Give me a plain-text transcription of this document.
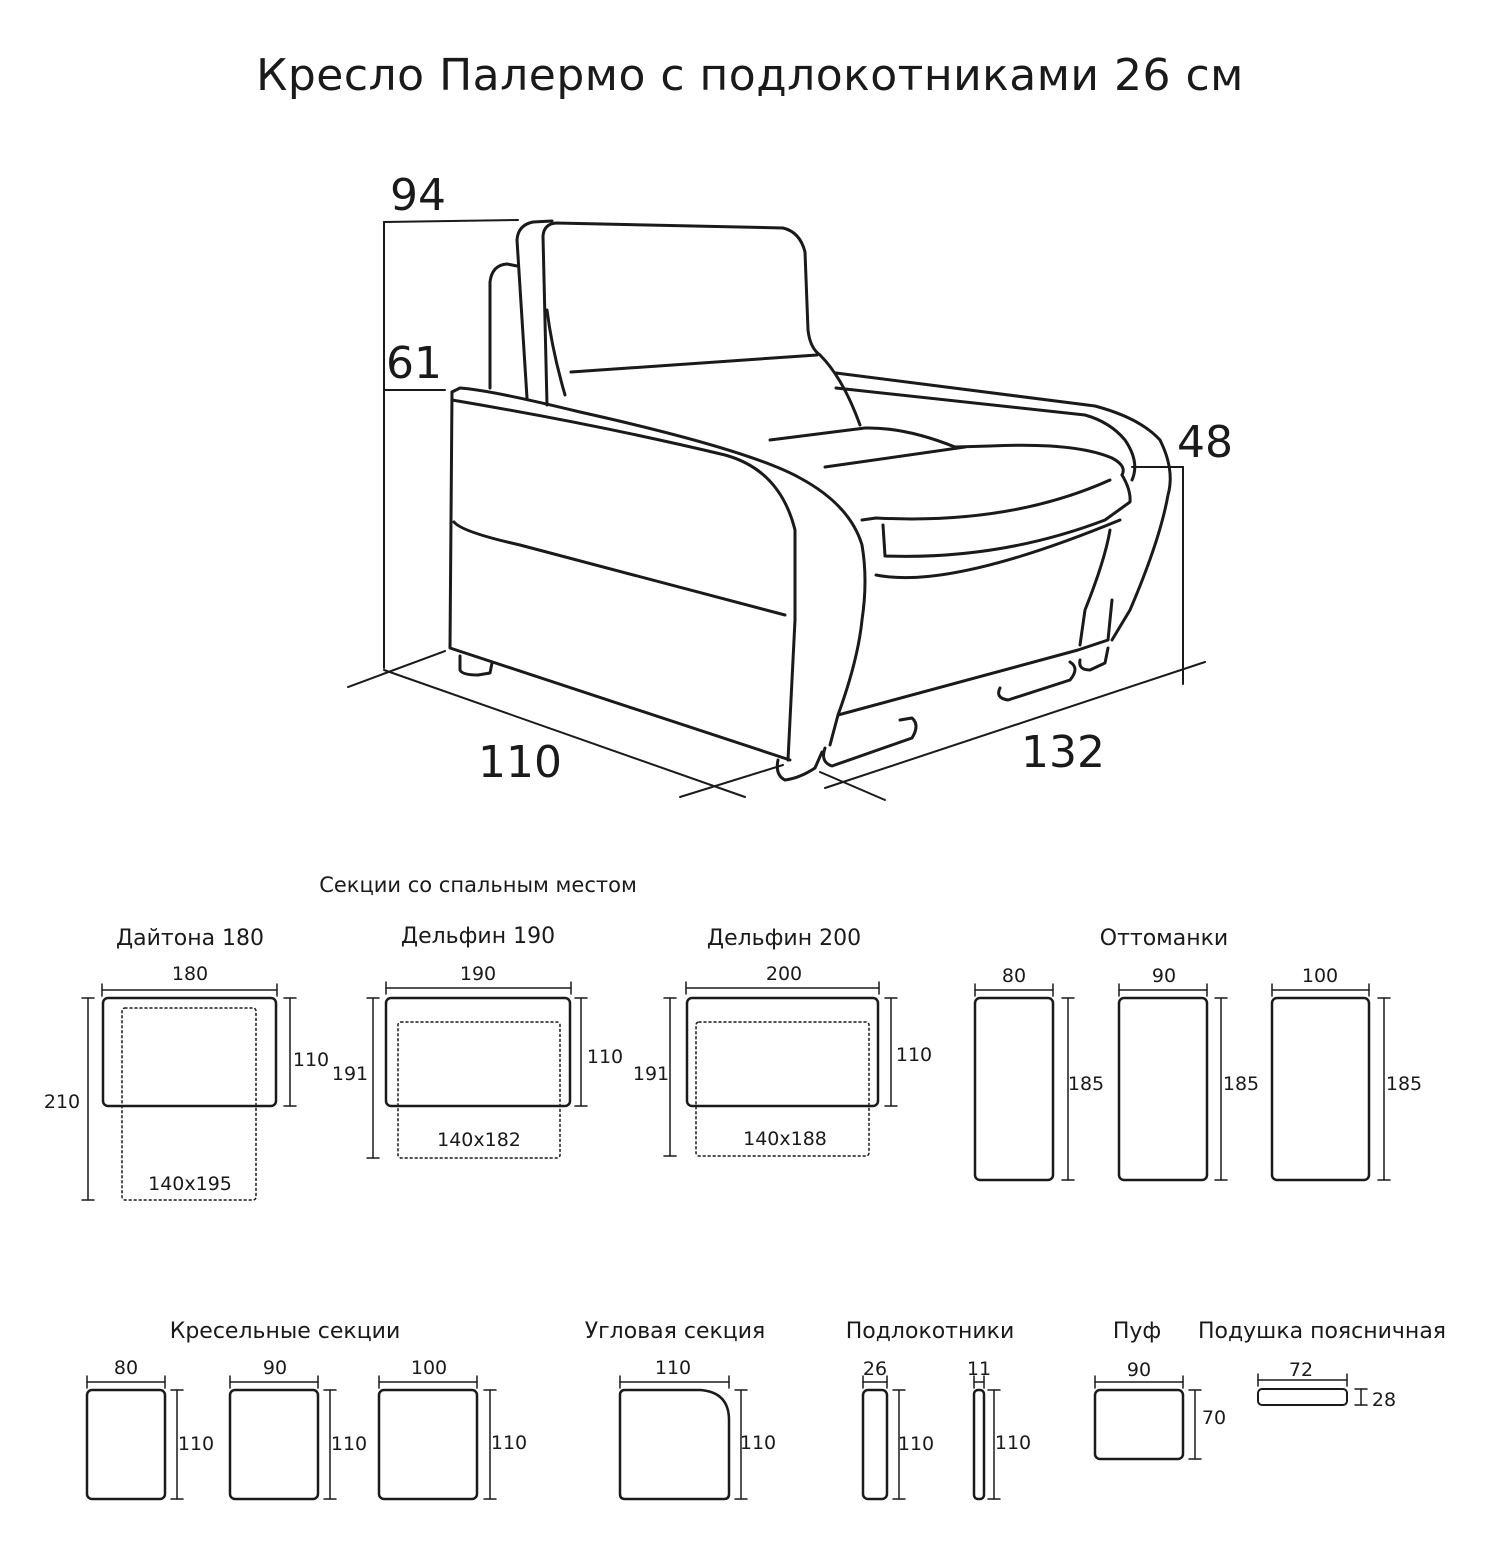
Кресло Палермо с подлокотниками 26 см
94
61
48
110	132
Секции со спальным местом
Дайтона 180
180
110
210
140x195
Дельфин 190
190
110
191
140x182
Дельфин 200
200
110
191
140x188
Оттоманки
80
185
90
185
100
185
Кресельные секции
80
110
90
110
100
110
Угловая секция
110
110
Подлокотники
26
110
11
110
Пуф
90
70
Подушка поясничная
72
28
